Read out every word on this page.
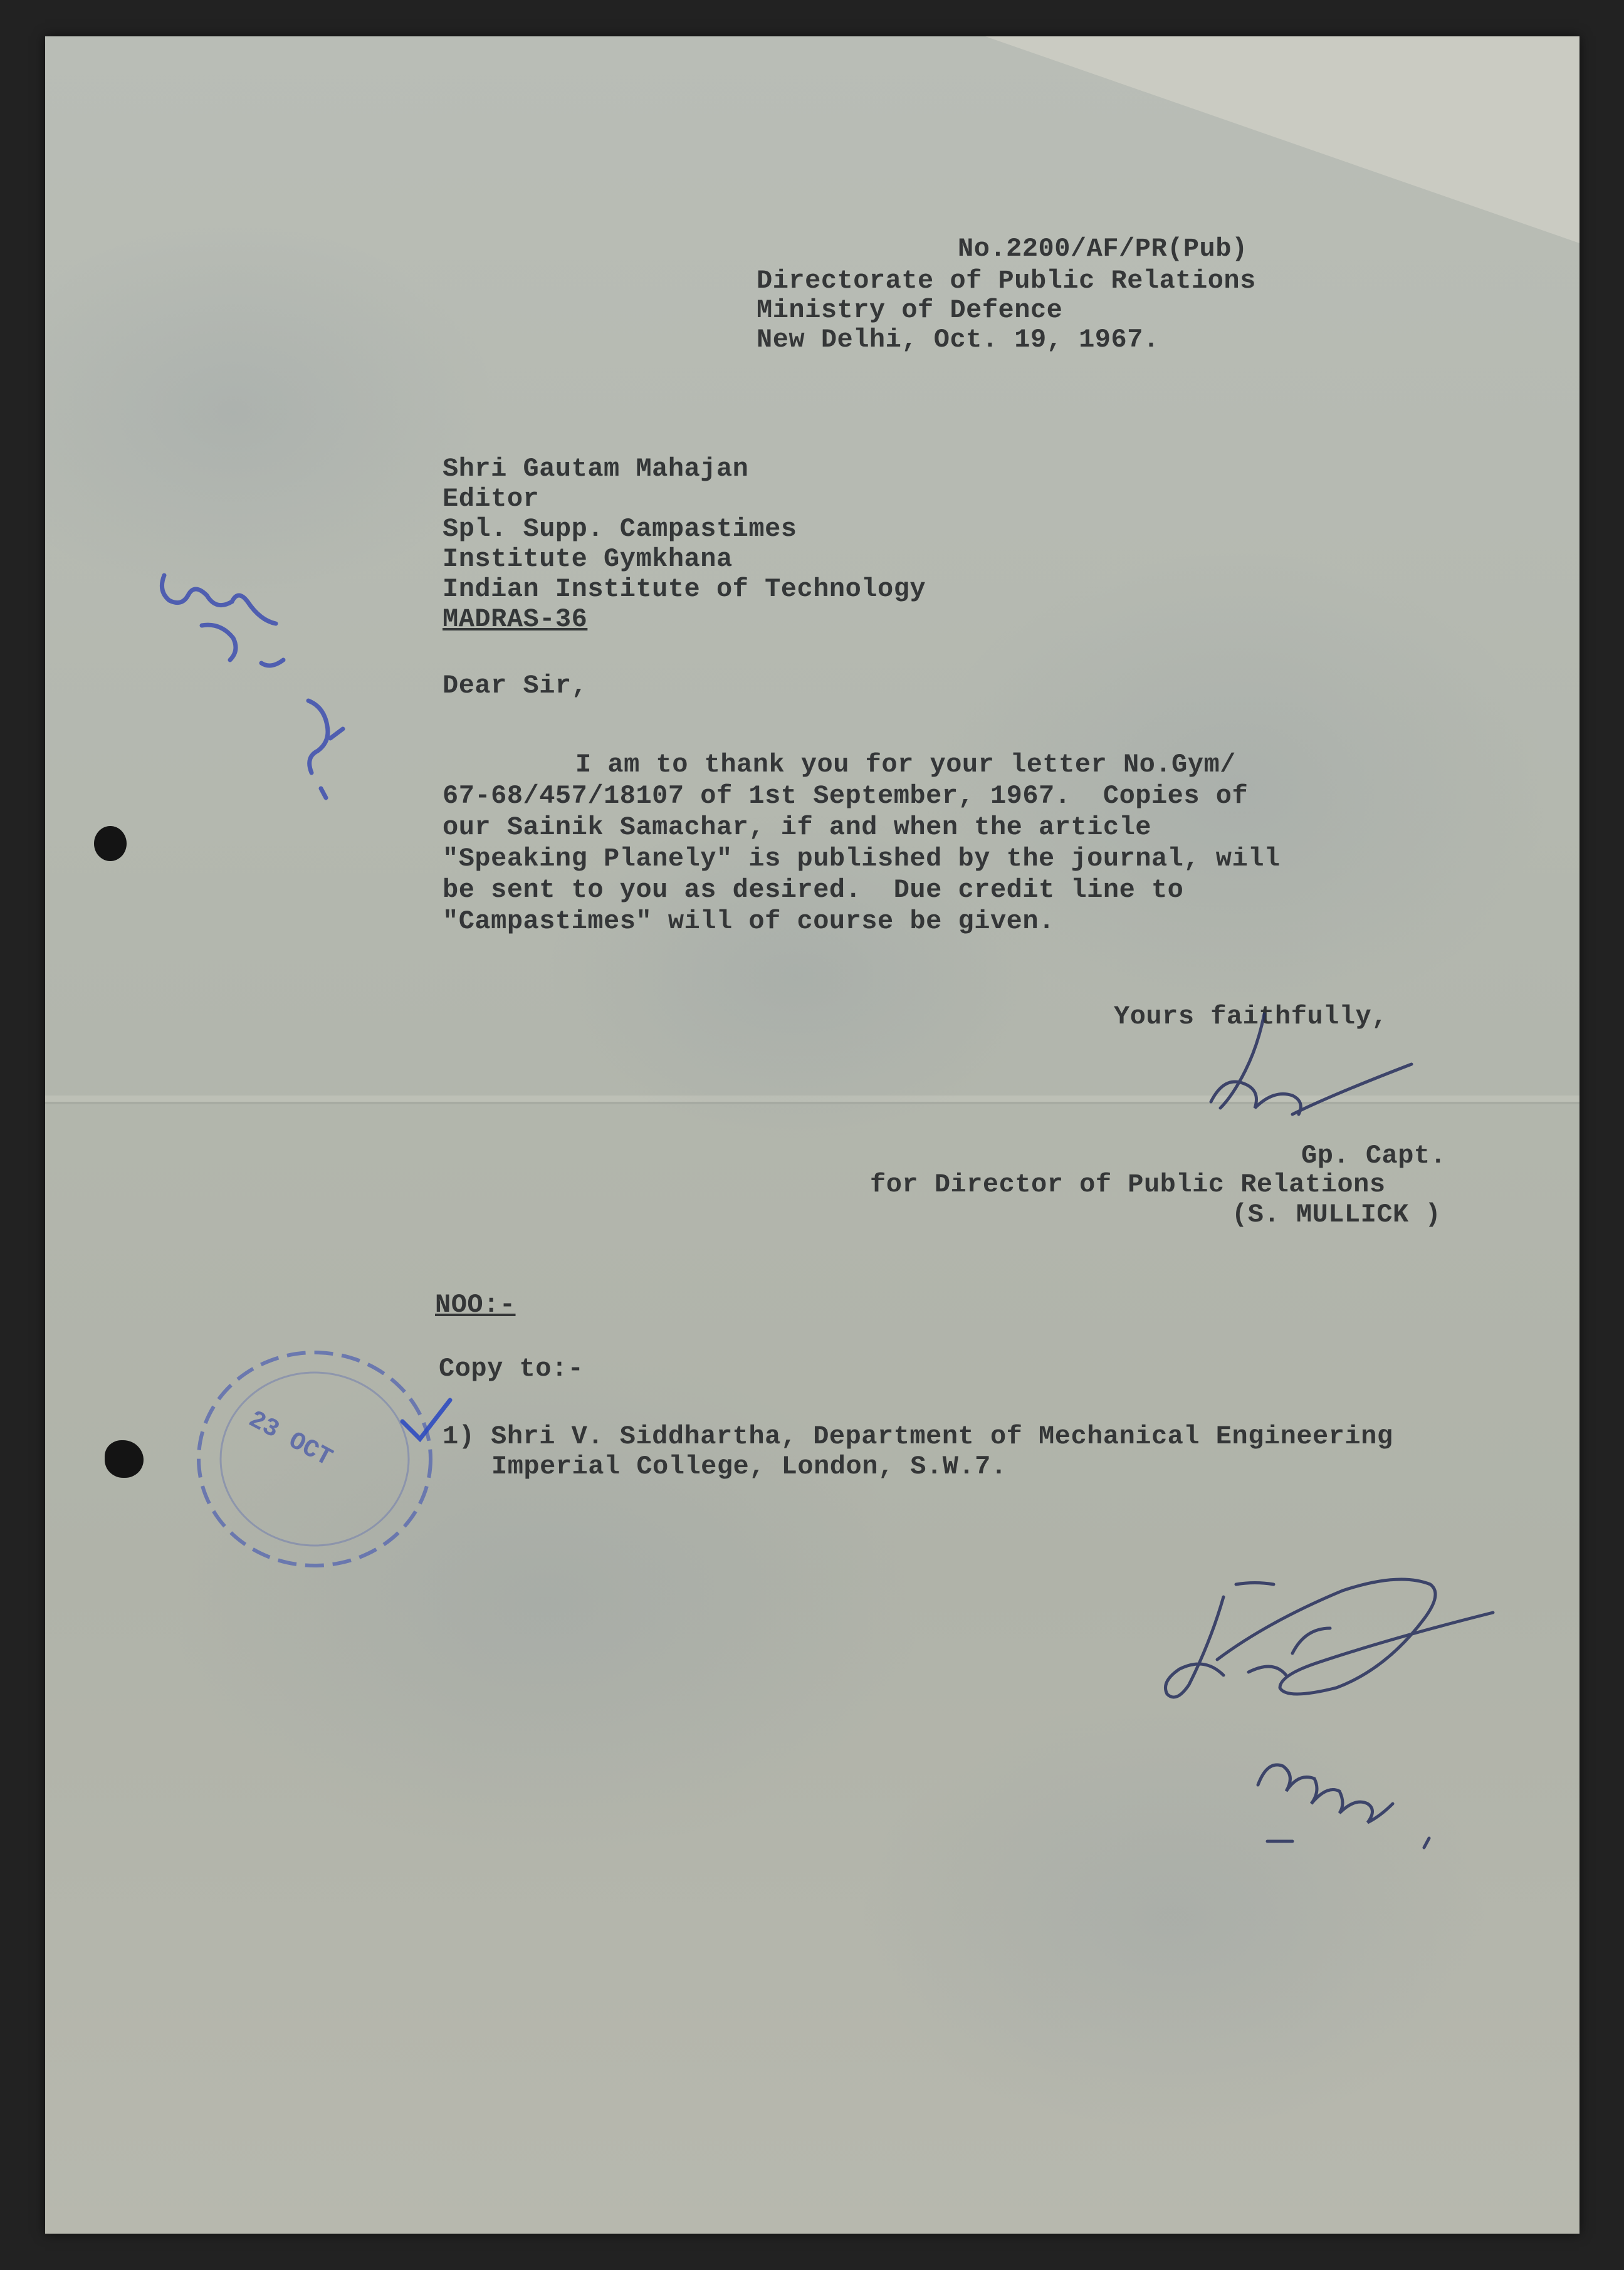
No.2200/AF/PR(Pub)
Directorate of Public Relations
Ministry of Defence
New Delhi, Oct. 19, 1967.
Shri Gautam Mahajan
Editor
Spl. Supp. Campastimes
Institute Gymkhana
Indian Institute of Technology
MADRAS-36
Dear Sir,
I am to thank you for your letter No.Gym/
67-68/457/18107 of 1st September, 1967.  Copies of
our Sainik Samachar, if and when the article
"Speaking Planely" is published by the journal, will
be sent to you as desired.  Due credit line to
"Campastimes" will of course be given.
Yours faithfully,
Gp. Capt.
for Director of Public Relations
(S. MULLICK )
NOO:-
Copy to:-
1) Shri V. Siddhartha, Department of Mechanical Engineering
Imperial College, London, S.W.7.
23 OCT
